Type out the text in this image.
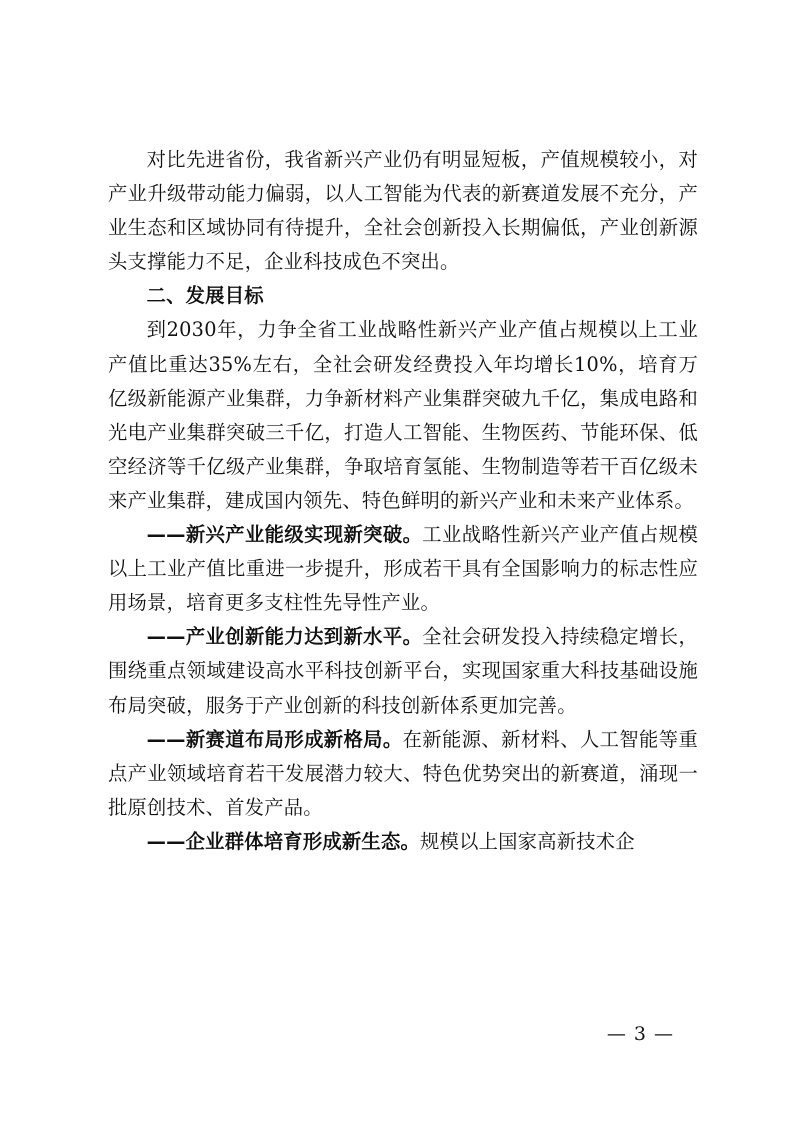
对比先进省份，我省新兴产业仍有明显短板，产值规模较小，对产业升级带动能力偏弱，以人工智能为代表的新赛道发展不充分，产业生态和区域协同有待提升，全社会创新投入长期偏低，产业创新源头支撑能力不足，企业科技成色不突出。

二、发展目标

到2030年，力争全省工业战略性新兴产业产值占规模以上工业产值比重达35%左右，全社会研发经费投入年均增长10%，培育万亿级新能源产业集群，力争新材料产业集群突破九千亿，集成电路和光电产业集群突破三千亿，打造人工智能、生物医药、节能环保、低空经济等千亿级产业集群，争取培育氢能、生物制造等若干百亿级未来产业集群，建成国内领先、特色鲜明的新兴产业和未来产业体系。

——新兴产业能级实现新突破。工业战略性新兴产业产值占规模以上工业产值比重进一步提升，形成若干具有全国影响力的标志性应用场景，培育更多支柱性先导性产业。

——产业创新能力达到新水平。全社会研发投入持续稳定增长，围绕重点领域建设高水平科技创新平台，实现国家重大科技基础设施布局突破，服务于产业创新的科技创新体系更加完善。

——新赛道布局形成新格局。在新能源、新材料、人工智能等重点产业领域培育若干发展潜力较大、特色优势突出的新赛道，涌现一批原创技术、首发产品。

——企业群体培育形成新生态。规模以上国家高新技术企

— 3 —
